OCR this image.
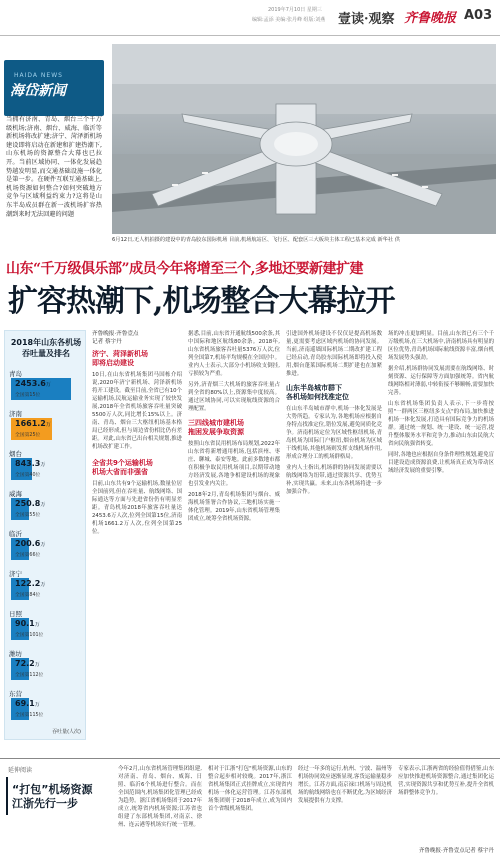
2019年7月10日 星期三
编辑:孟添 美编:张丹峰 组版:刘燕 壹读·观察 齐鲁晚报 A03
HAIDA NEWS
海岱新闻
当拥有济南、青岛、烟台三个千万级机场;济南、烟台、威海、临沂等新机场将改扩建;济宁、菏泽新机场建设即将启动在新建和扩建热潮下,山东机场的资源整合大幕也已拉开。当前区域协同、一体化发展趋势越发明显,而交通基础设施一体化是第一步。在硬件互联互通基础上,机场资源如何整合?如何突破地方竞争与区域利益约束力?这将是山东半岛成员群在新一波机场扩容热潮到来时无法回避的问题
6月12日,无人机拍摄的建设中的青岛胶东国际机场 目前,机场航站区、飞行区、配套区三大板块主体工程已基本完成 新华社 供
山东“千万级俱乐部”成员今年将增至三个,多地还要新建扩建
扩容热潮下,机场整合大幕拉开
2018年山东各机场吞吐量及排名
青岛
2453.6万
全国第15位
济南
1661.2万
全国第25位
烟台
843.3万
全国第40位
威海
250.8万
全国第55位
临沂
200.6万
全国第66位
济宁
122.2万
全国第84位
日照
90.1万
全国第101位
潍坊
72.2万
全国第112位
东营
69.1万
全国第115位
吞吐量(人次)
齐鲁晚报·齐鲁壹点
记者 蔡宇丹
济宁、菏泽新机场
即将启动建设
10日,在山东省机场集团马国栋介绍说,2020年济宁新机场、菏泽新机场将开工建设。截至目前,全省已有10个运输机场,民航运输业务实现了较快发展,2018年全省机场旅客吞吐量突破5500万人次,同比增长15%以上。济南、青岛、烟台三大枢纽机场基本格局已经形成,但与周边省份相比仍有差距。对此,山东省已出台相关规划,推进机场改扩建工作。
全省共9个运输机场
机场大省而非强省
目前,山东共有9个运输机场,数量位居全国前列,但在吞吐量、航线网络、国际通达等方面与先进省份仍有明显差距。青岛机场2018年旅客吞吐量达2453.6万人次,位列全国第15位,济南机场1661.2万人次,位列全国第25位。
据悉,目前,山东省开通航线500余条,其中国际和地区航线80余条。2018年,山东省机场旅客吞吐量5376万人次,位列全国第7,机场平均规模在全国居中。业内人士表示,大部分小机场收支倒挂,亏损较为严重。
另外,济青烟三大机场的旅客吞吐量占到全省的80%以上,资源集中度较高。通过区域协同,可以实现航线资源的合理配置。
三四线城市建机场
拖困发展争取资源
按照山东省民用机场布局规划,2022年山东省将新增通用机场,包括滨州、枣庄、聊城、泰安等地。此前多数地市都在积极争取民用机场项目,以期带动地方经济发展,各地争相建设机场的现象也引发业内关注。
2018年2月,青岛机场集团与烟台、威海机场签署合作协议,三地机场实施一体化管理。2019年,山东省机场管理集团成立,统筹全省机场资源。
引进国外机场建设不仅仅是提高机场数量,更需要考虑区域内机场的协同发展。当前,济南遥墙国际机场二期改扩建工程已经启动,青岛胶东国际机场即将投入使用,烟台蓬莱国际机场二期扩建也在加紧推进。
山东半岛城市群下
各机场如何找准定位
在山东半岛城市群中,机场一体化发展是大势所趋。专家认为,各地机场应根据自身特点找准定位,错位发展,避免同质化竞争。济南机场定位为区域性枢纽机场,青岛机场为国际门户枢纽,烟台机场为区域干线机场,其他机场则发挥支线机场作用,形成合理分工的机场群格局。
业内人士指出,机场群的协同发展需要以航线网络为纽带,通过资源共享、优势互补,实现共赢。未来,山东各机场将进一步加强合作。
场的冲击更加明显。目前,山东省已有三个千万级机场,在三大机场中,济南机场具有明显的区位优势,青岛机场国际航线资源丰富,烟台机场发展势头强劲。
据介绍,机场群协同发展需要在航线网络、时刻资源、运行保障等方面加强统筹。省内航线网络相对薄弱,中转衔接不够顺畅,需要加快完善。
山东省机场集团负责人表示,下一步将按照"一群两区三枢纽多支点"的布局,加快推进机场一体化发展,打造具有国际竞争力的机场群。通过统一规划、统一建设、统一运营,提升整体服务水平和竞争力,推动山东由民航大省向民航强省转变。
同时,各地也应根据自身条件理性规划,避免盲目建设造成资源浪费,让机场真正成为带动区域经济发展的重要引擎。
延伸阅读
“打包”机场资源
江浙先行一步
今年2月,山东省机场管理集团组建,对济南、青岛、烟台、威海、日照、临沂6个机场进行整合。而在全国范围内,机场集团化管理已经成为趋势。浙江省机场集团于2017年成立,统筹省内机场资源;江苏省也组建了东部机场集团,对南京、徐州、连云港等机场实行统一管理。
相对于江浙"打包"机场资源,山东的整合起步相对较晚。2017年,浙江省机场集团正式挂牌成立,实现省内机场一体化运营管理。江苏东部机场集团则于2018年成立,成为国内首个省级机场集团。
经过一年多的运行,杭州、宁波、温州等机场协同效应逐渐显现,客货运输量稳步增长。江苏方面,南京禄口机场与周边机场的航线网络也在不断优化,为区域经济发展提供有力支撑。
专家表示,江浙两省的经验值得借鉴,山东应加快推进机场资源整合,通过集团化运营,实现资源共享和优势互补,提升全省机场群整体竞争力。
齐鲁晚报·齐鲁壹点记者 蔡宇丹
